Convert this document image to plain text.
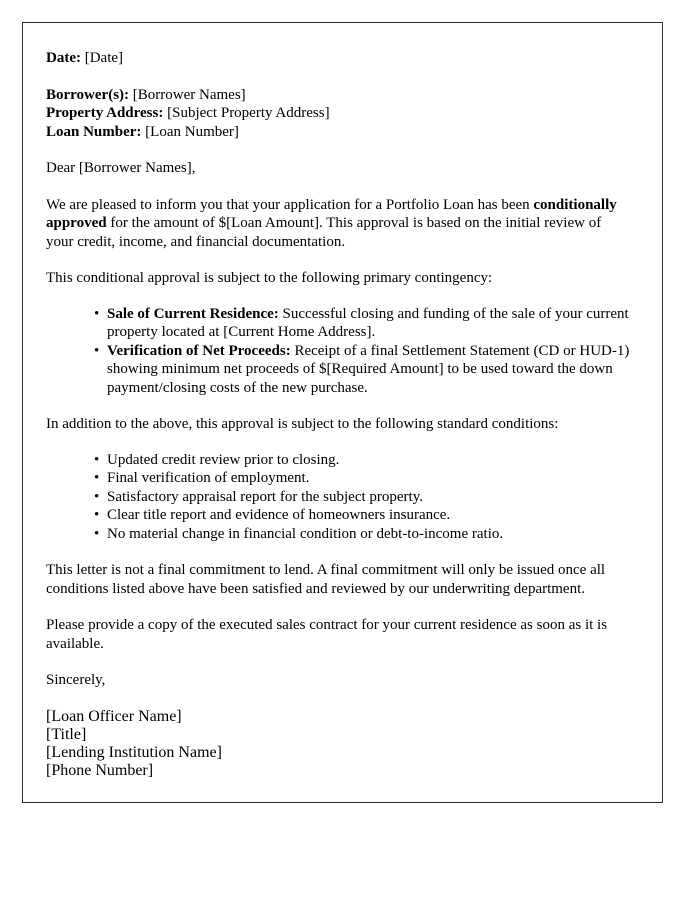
Date: [Date]
Borrower(s): [Borrower Names]
Property Address: [Subject Property Address]
Loan Number: [Loan Number]

Dear [Borrower Names],

We are pleased to inform you that your application for a Portfolio Loan has been conditionally approved for the amount of $[Loan Amount]. This approval is based on the initial review of your credit, income, and financial documentation.

This conditional approval is subject to the following primary contingency:

• Sale of Current Residence: Successful closing and funding of the sale of your current property located at [Current Home Address].
• Verification of Net Proceeds: Receipt of a final Settlement Statement (CD or HUD-1) showing minimum net proceeds of $[Required Amount] to be used toward the down payment/closing costs of the new purchase.

In addition to the above, this approval is subject to the following standard conditions:

• Updated credit review prior to closing.
• Final verification of employment.
• Satisfactory appraisal report for the subject property.
• Clear title report and evidence of homeowners insurance.
• No material change in financial condition or debt-to-income ratio.

This letter is not a final commitment to lend. A final commitment will only be issued once all conditions listed above have been satisfied and reviewed by our underwriting department.

Please provide a copy of the executed sales contract for your current residence as soon as it is available.

Sincerely,

[Loan Officer Name]
[Title]
[Lending Institution Name]
[Phone Number]
